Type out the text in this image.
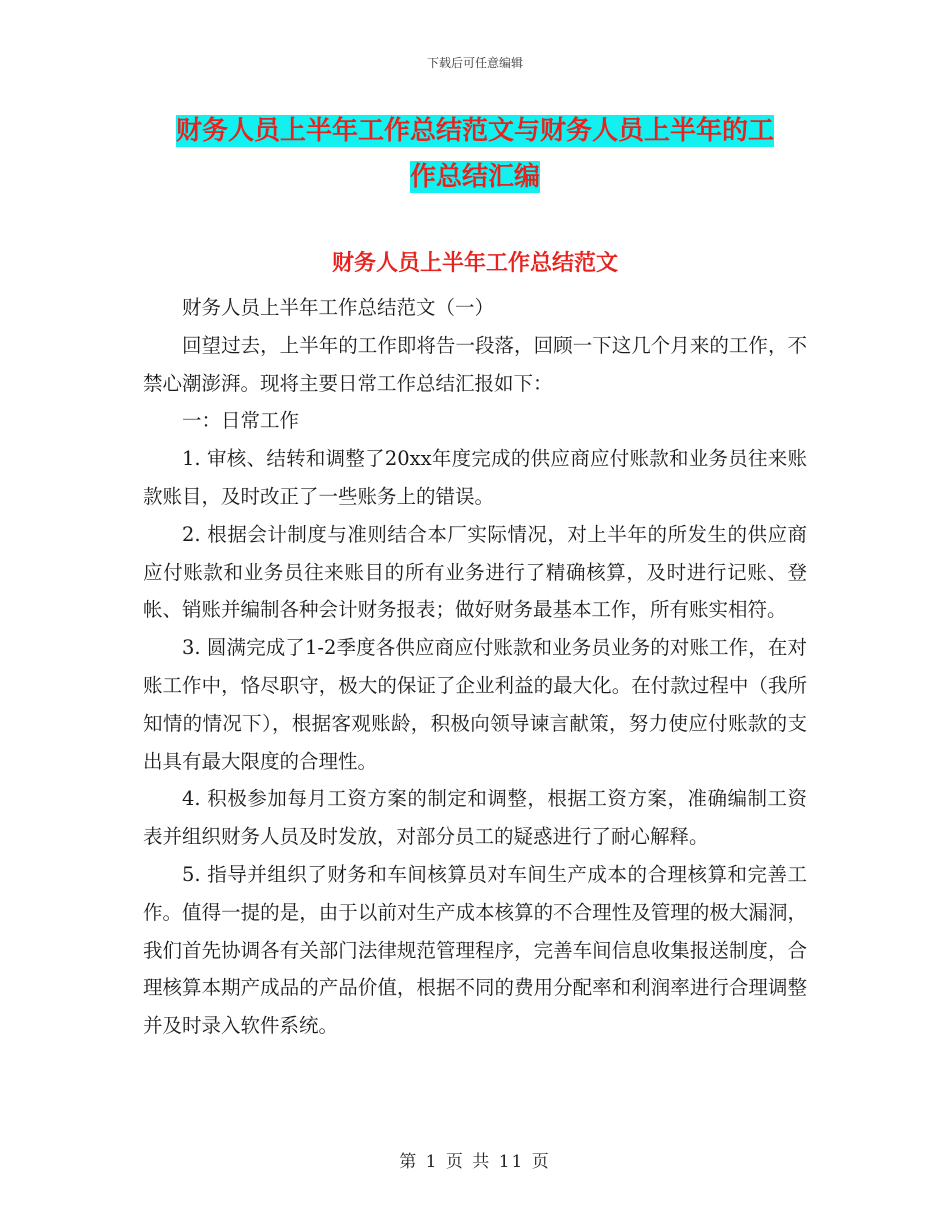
下载后可任意编辑
财务人员上半年工作总结范文与财务人员上半年的工
作总结汇编
财务人员上半年工作总结范文

财务人员上半年工作总结范文（一）

回望过去，上半年的工作即将告一段落，回顾一下这几个月来的工作，不禁心潮澎湃。现将主要日常工作总结汇报如下：

一：日常工作

1. 审核、结转和调整了20xx年度完成的供应商应付账款和业务员往来账款账目，及时改正了一些账务上的错误。

2. 根据会计制度与准则结合本厂实际情况，对上半年的所发生的供应商应付账款和业务员往来账目的所有业务进行了精确核算，及时进行记账、登帐、销账并编制各种会计财务报表；做好财务最基本工作，所有账实相符。

3. 圆满完成了1-2季度各供应商应付账款和业务员业务的对账工作，在对账工作中，恪尽职守，极大的保证了企业利益的最大化。在付款过程中（我所知情的情况下），根据客观账龄，积极向领导谏言献策，努力使应付账款的支出具有最大限度的合理性。

4. 积极参加每月工资方案的制定和调整，根据工资方案，准确编制工资表并组织财务人员及时发放，对部分员工的疑惑进行了耐心解释。

5. 指导并组织了财务和车间核算员对车间生产成本的合理核算和完善工作。值得一提的是，由于以前对生产成本核算的不合理性及管理的极大漏洞，我们首先协调各有关部门法律规范管理程序，完善车间信息收集报送制度，合理核算本期产成品的产品价值，根据不同的费用分配率和利润率进行合理调整并及时录入软件系统。

第 1 页 共 11 页
